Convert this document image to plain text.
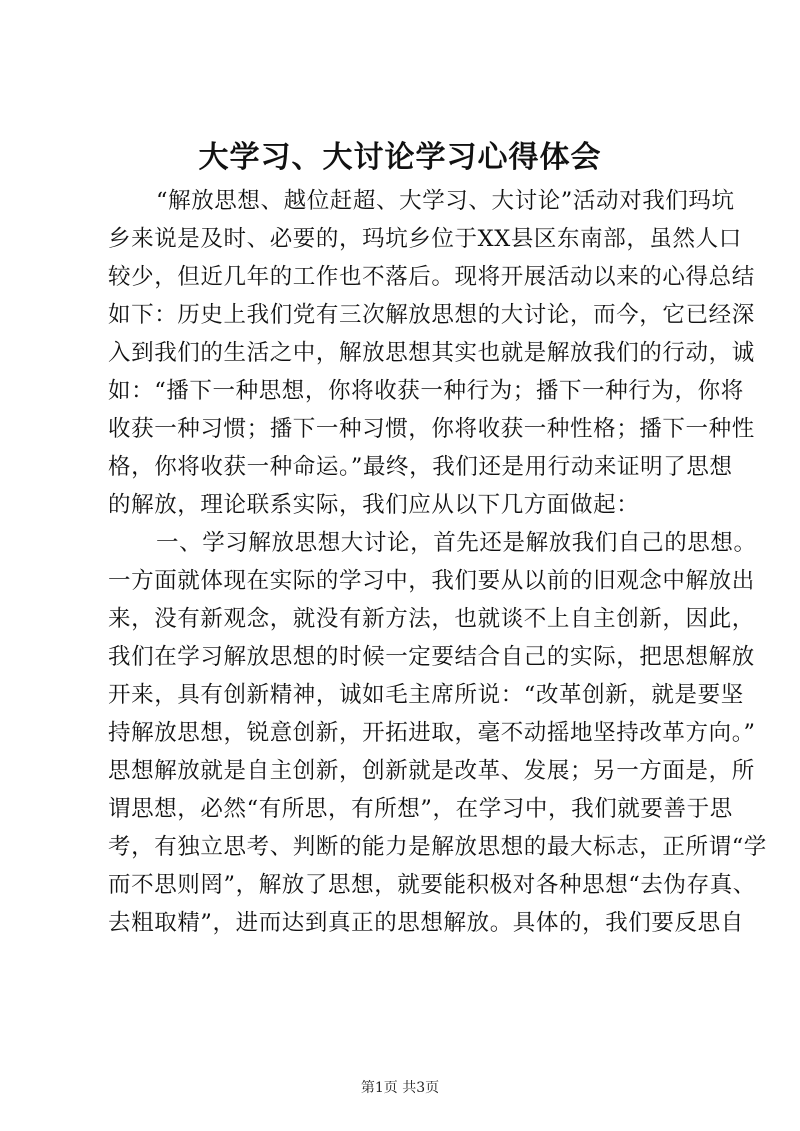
大学习、大讨论学习心得体会
“解放思想、越位赶超、大学习、大讨论”活动对我们玛坑
乡来说是及时、必要的，玛坑乡位于XX县区东南部，虽然人口
较少，但近几年的工作也不落后。现将开展活动以来的心得总结
如下：历史上我们党有三次解放思想的大讨论，而今，它已经深
入到我们的生活之中，解放思想其实也就是解放我们的行动，诚
如：“播下一种思想，你将收获一种行为；播下一种行为，你将
收获一种习惯；播下一种习惯，你将收获一种性格；播下一种性
格，你将收获一种命运。”最终，我们还是用行动来证明了思想
的解放，理论联系实际，我们应从以下几方面做起：
一、学习解放思想大讨论，首先还是解放我们自己的思想。
一方面就体现在实际的学习中，我们要从以前的旧观念中解放出
来，没有新观念，就没有新方法，也就谈不上自主创新，因此，
我们在学习解放思想的时候一定要结合自己的实际，把思想解放
开来，具有创新精神，诚如毛主席所说：“改革创新，就是要坚
持解放思想，锐意创新，开拓进取，毫不动摇地坚持改革方向。”
思想解放就是自主创新，创新就是改革、发展；另一方面是，所
谓思想，必然“有所思，有所想”，在学习中，我们就要善于思
考，有独立思考、判断的能力是解放思想的最大标志，正所谓“学
而不思则罔”，解放了思想，就要能积极对各种思想“去伪存真、
去粗取精”，进而达到真正的思想解放。具体的，我们要反思自
第1页 共3页
